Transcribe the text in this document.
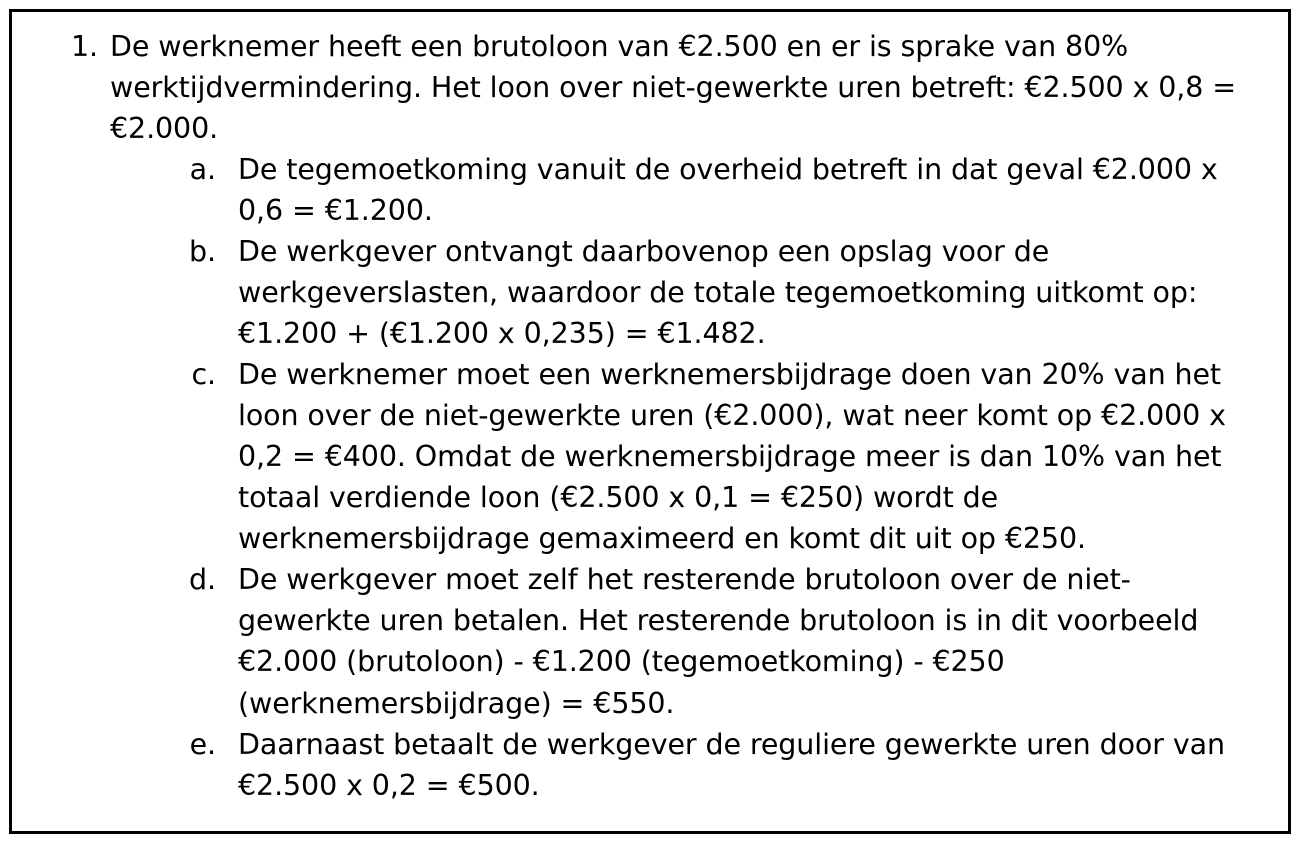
1. De werknemer heeft een brutoloon van €2.500 en er is sprake van 80% werktijdvermindering. Het loon over niet-gewerkte uren betreft: €2.500 x 0,8 = €2.000.

a. De tegemoetkoming vanuit de overheid betreft in dat geval €2.000 x 0,6 = €1.200.

b. De werkgever ontvangt daarbovenop een opslag voor de werkgeverslasten, waardoor de totale tegemoetkoming uitkomt op: €1.200 + (€1.200 x 0,235) = €1.482.

c. De werknemer moet een werknemersbijdrage doen van 20% van het loon over de niet-gewerkte uren (€2.000), wat neer komt op €2.000 x 0,2 = €400. Omdat de werknemersbijdrage meer is dan 10% van het totaal verdiende loon (€2.500 x 0,1 = €250) wordt de werknemersbijdrage gemaximeerd en komt dit uit op €250.

d. De werkgever moet zelf het resterende brutoloon over de niet-gewerkte uren betalen. Het resterende brutoloon is in dit voorbeeld €2.000 (brutoloon) - €1.200 (tegemoetkoming) - €250 (werknemersbijdrage) = €550.

e. Daarnaast betaalt de werkgever de reguliere gewerkte uren door van €2.500 x 0,2 = €500.
